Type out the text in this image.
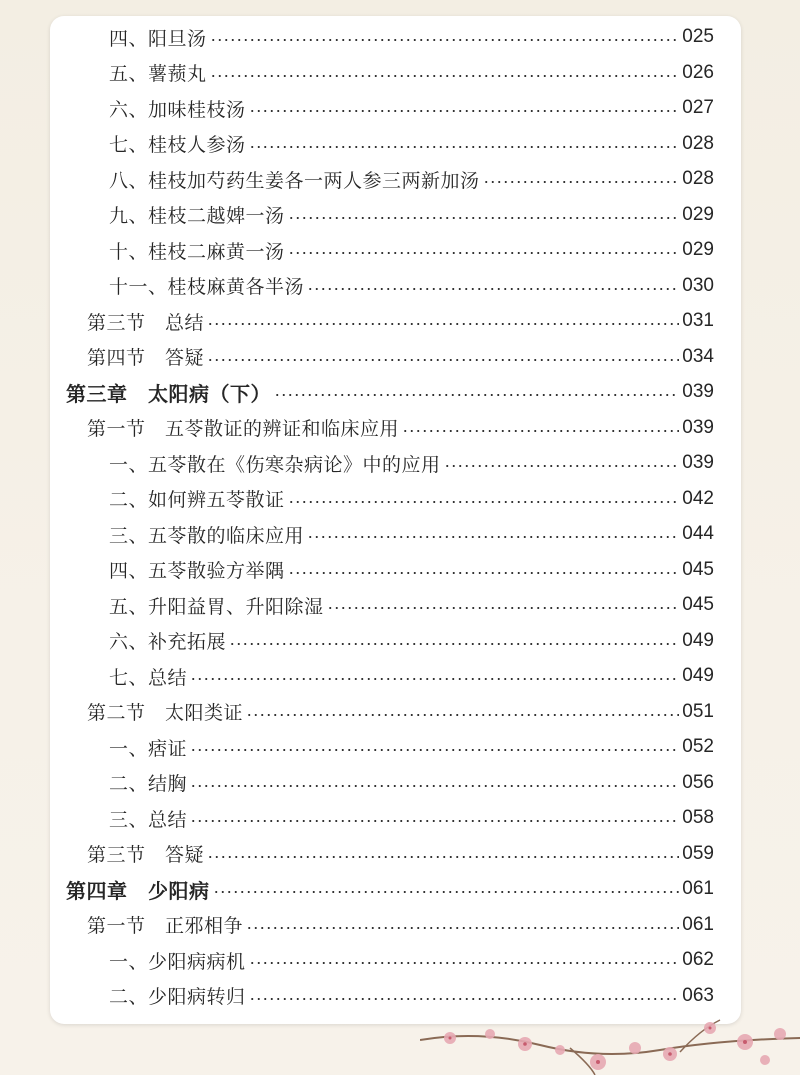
四、阳旦汤	025
五、薯蓣丸	026
六、加味桂枝汤	027
七、桂枝人参汤	028
八、桂枝加芍药生姜各一两人参三两新加汤	028
九、桂枝二越婢一汤	029
十、桂枝二麻黄一汤	029
十一、桂枝麻黄各半汤	030
第三节　总结	031
第四节　答疑	034
第三章　太阳病（下）	039
第一节　五苓散证的辨证和临床应用	039
一、五苓散在《伤寒杂病论》中的应用	039
二、如何辨五苓散证	042
三、五苓散的临床应用	044
四、五苓散验方举隅	045
五、升阳益胃、升阳除湿	045
六、补充拓展	049
七、总结	049
第二节　太阳类证	051
一、痞证	052
二、结胸	056
三、总结	058
第三节　答疑	059
第四章　少阳病	061
第一节　正邪相争	061
一、少阳病病机	062
二、少阳病转归	063
